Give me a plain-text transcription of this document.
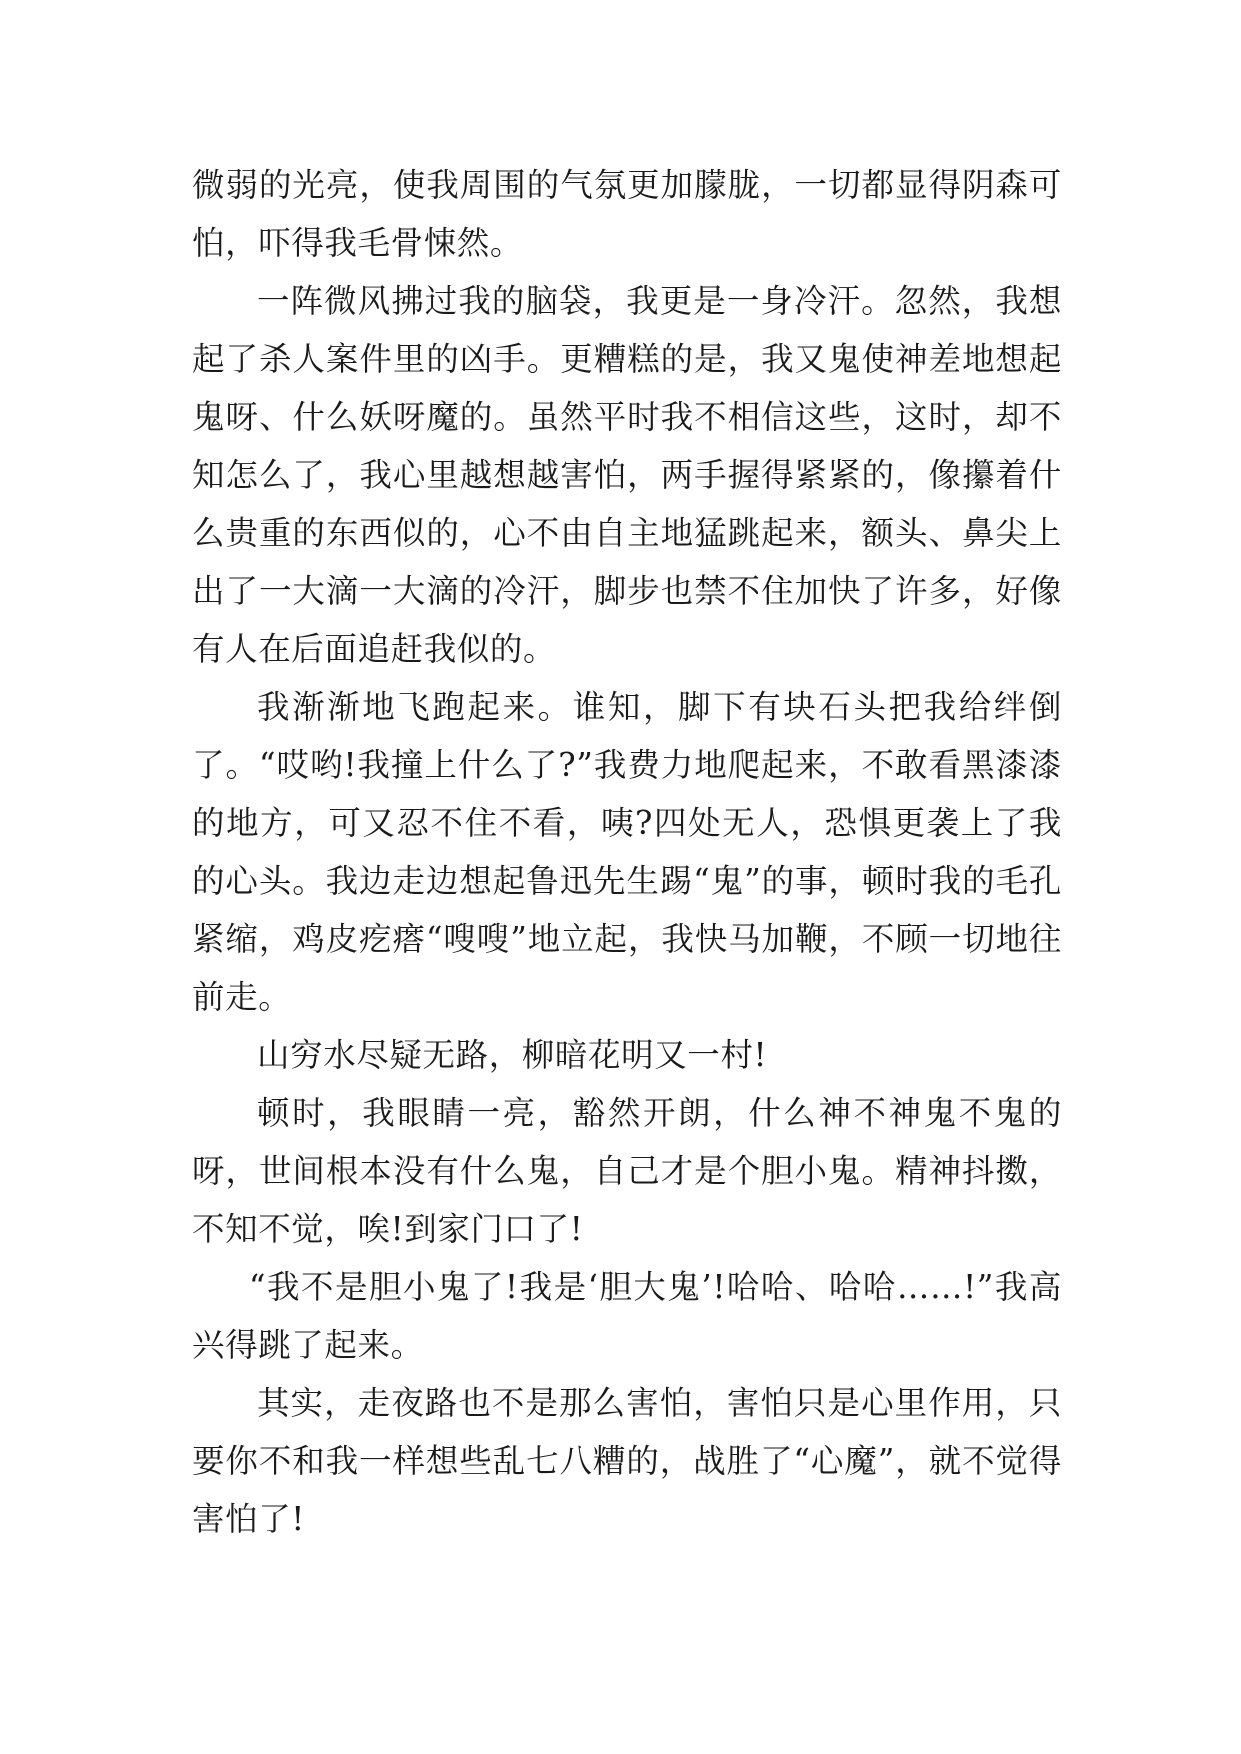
微弱的光亮，使我周围的气氛更加朦胧，一切都显得阴森可怕，吓得我毛骨悚然。

一阵微风拂过我的脑袋，我更是一身冷汗。忽然，我想起了杀人案件里的凶手。更糟糕的是，我又鬼使神差地想起鬼呀、什么妖呀魔的。虽然平时我不相信这些，这时，却不知怎么了，我心里越想越害怕，两手握得紧紧的，像攥着什么贵重的东西似的，心不由自主地猛跳起来，额头、鼻尖上出了一大滴一大滴的冷汗，脚步也禁不住加快了许多，好像有人在后面追赶我似的。

我渐渐地飞跑起来。谁知，脚下有块石头把我给绊倒了。“哎哟!我撞上什么了?”我费力地爬起来，不敢看黑漆漆的地方，可又忍不住不看，咦?四处无人，恐惧更袭上了我的心头。我边走边想起鲁迅先生踢“鬼”的事，顿时我的毛孔紧缩，鸡皮疙瘩“嗖嗖”地立起，我快马加鞭，不顾一切地往前走。

山穷水尽疑无路，柳暗花明又一村!

顿时，我眼睛一亮，豁然开朗，什么神不神鬼不鬼的呀，世间根本没有什么鬼，自己才是个胆小鬼。精神抖擞，不知不觉，唉!到家门口了!

“我不是胆小鬼了!我是‘胆大鬼’!哈哈、哈哈……!”我高兴得跳了起来。

其实，走夜路也不是那么害怕，害怕只是心里作用，只要你不和我一样想些乱七八糟的，战胜了“心魔”，就不觉得害怕了!
